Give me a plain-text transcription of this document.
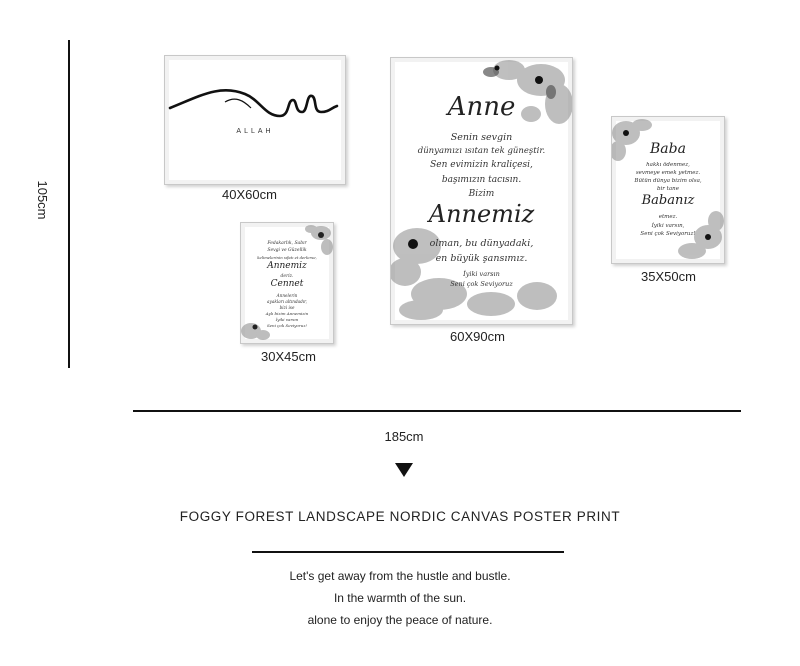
105cm
ALLAH
40X60cm
Fedakarlık, Sabır
Sevgi ve Güzellik
kelimelerinin sıfatı et derlerse,
Annemiz
deriz.
Cennet
Annelerin
ayakları altındadır,
bizi ise
Aylı bizim Annemizin
İyiki varsın
Seni çok Seviyoruz!
30X45cm
Anne
Senin sevgin
dünyamızı ısıtan tek güneştir.
Sen evimizin kraliçesi,
başımızın tacısın.
Bizim
Annemiz
olman, bu dünyadaki,
en büyük şansımız.
İyiki varsın
Seni çok Seviyoruz
60X90cm
Baba
hakkı ödenmez,
sevmeye emek yetmez.
Bütün dünya bizim olsa,
bir tane
Babanız
etmez.
İyiki varsın,
Seni çok Seviyoruz!
35X50cm
185cm
FOGGY FOREST LANDSCAPE NORDIC CANVAS POSTER PRINT
Let's get away from the hustle and bustle.
In the warmth of the sun.
alone to enjoy the peace of nature.
